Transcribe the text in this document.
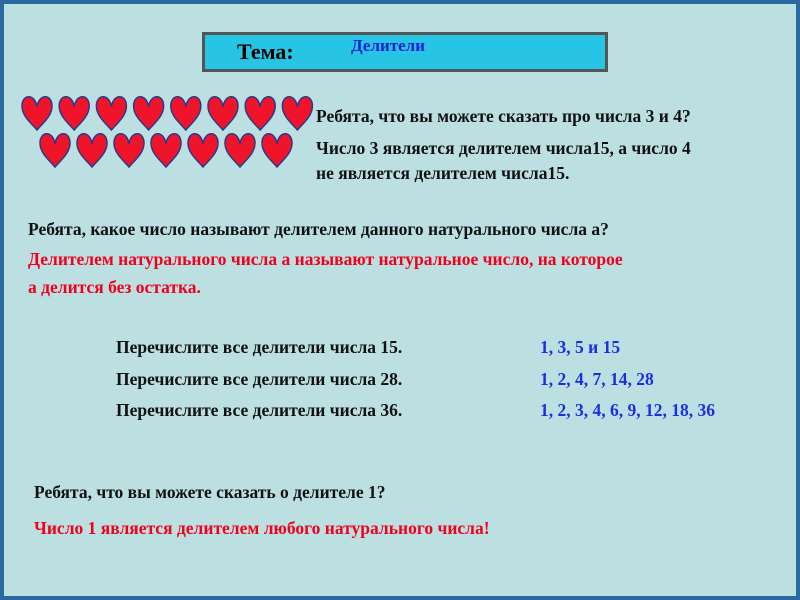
Тема:	Делители
Ребята, что вы можете сказать про числа 3 и 4?
Число 3 является делителем числа15, а число 4
не является делителем числа15.
Ребята, какое число называют делителем данного натурального числа а?
Делителем натурального числа а называют натуральное число, на которое
а делится без остатка.
Перечислите все делители числа 15.	1, 3, 5 и 15
Перечислите все делители числа 28.	1, 2, 4, 7, 14, 28
Перечислите все делители числа 36.	1, 2, 3, 4, 6, 9, 12, 18, 36
Ребята, что вы можете сказать о делителе 1?
Число 1 является делителем любого натурального числа!
